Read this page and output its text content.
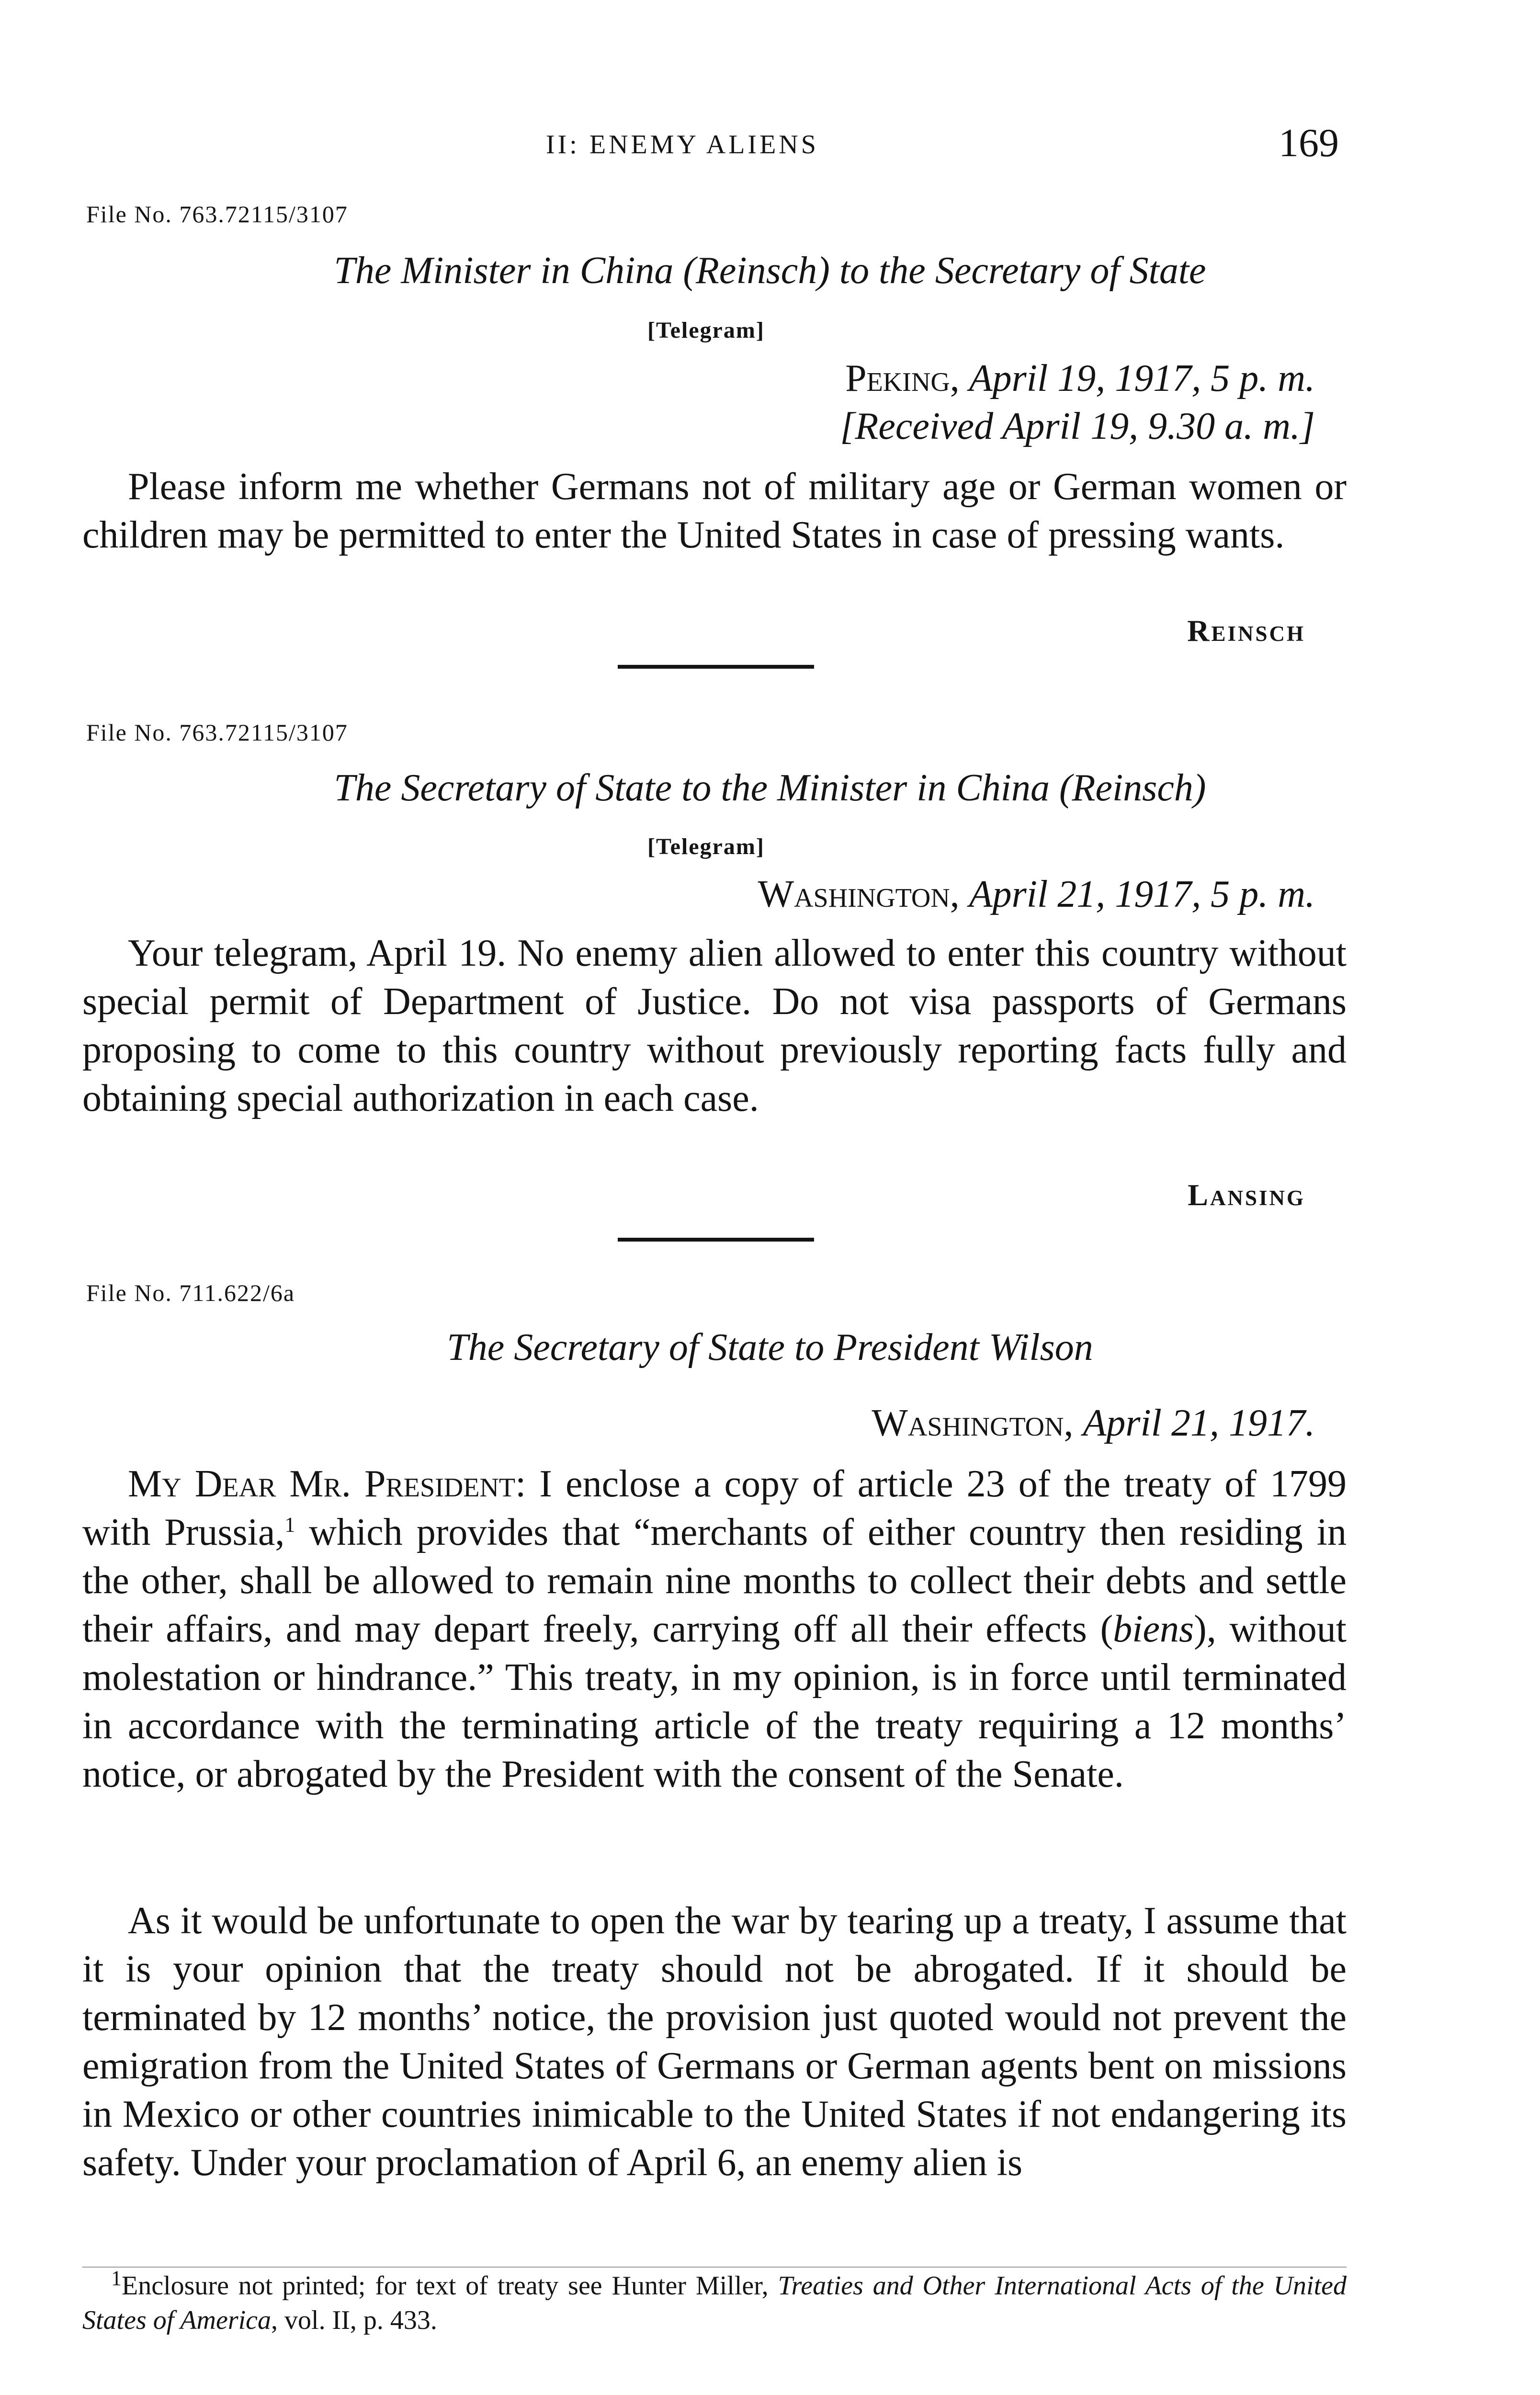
II: ENEMY ALIENS	169
File No. 763.72115/3107
The Minister in China (Reinsch) to the Secretary of State
[Telegram]
Peking, April 19, 1917, 5 p. m.
[Received April 19, 9.30 a. m.]
Please inform me whether Germans not of military age or German women or children may be permitted to enter the United States in case of pressing wants.
Reinsch
File No. 763.72115/3107
The Secretary of State to the Minister in China (Reinsch)
[Telegram]
Washington, April 21, 1917, 5 p. m.
Your telegram, April 19. No enemy alien allowed to enter this country without special permit of Department of Justice. Do not visa passports of Germans proposing to come to this country without previously reporting facts fully and obtaining special authorization in each case.
Lansing
File No. 711.622/6a
The Secretary of State to President Wilson
Washington, April 21, 1917.
My Dear Mr. President: I enclose a copy of article 23 of the treaty of 1799 with Prussia,$^1$ which provides that “merchants of either country then residing in the other, shall be allowed to remain nine months to collect their debts and settle their affairs, and may depart freely, carrying off all their effects (biens), without molestation or hindrance.” This treaty, in my opinion, is in force until terminated in accordance with the terminating article of the treaty requiring a 12 months’ notice, or abrogated by the President with the consent of the Senate.
As it would be unfortunate to open the war by tearing up a treaty, I assume that it is your opinion that the treaty should not be abrogated. If it should be terminated by 12 months’ notice, the provision just quoted would not prevent the emigration from the United States of Germans or German agents bent on missions in Mexico or other countries inimicable to the United States if not endangering its safety. Under your proclamation of April 6, an enemy alien is
$^1$Enclosure not printed; for text of treaty see Hunter Miller, Treaties and Other International Acts of the United States of America, vol. II, p. 433.
